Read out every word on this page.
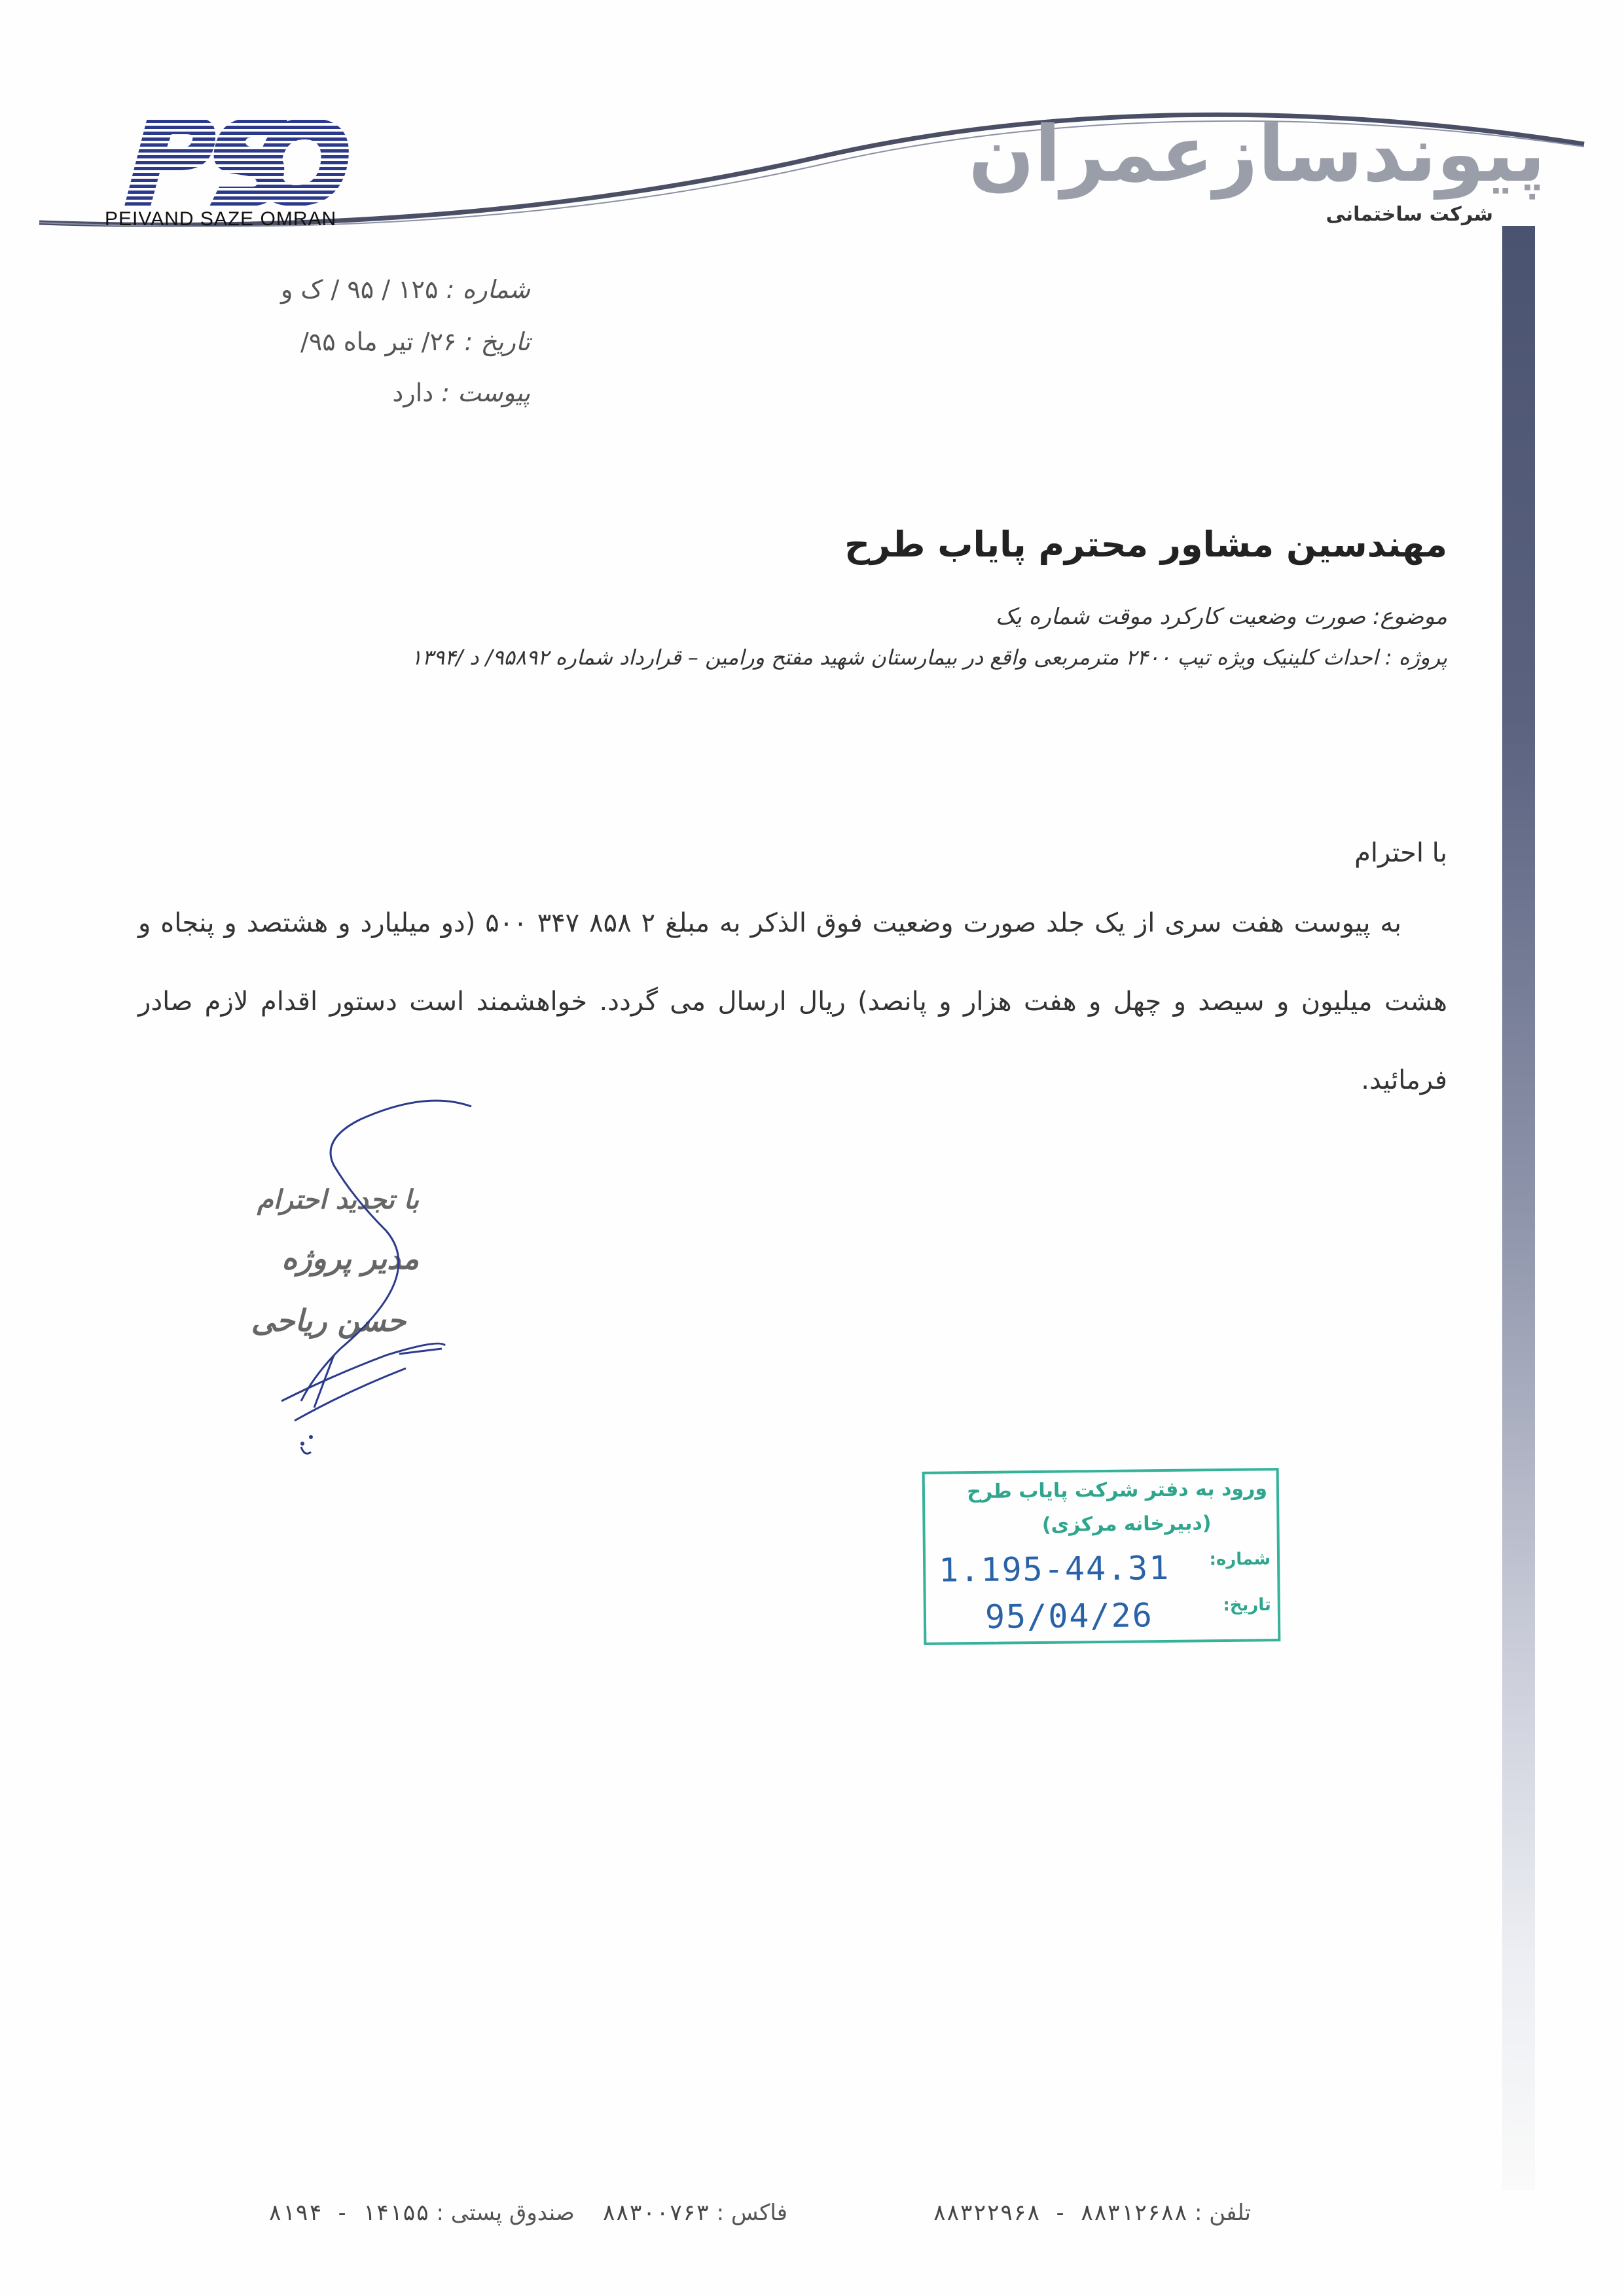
PEIVAND SAZE OMRAN
پیوندسازعمران
شرکت ساختمانی
شماره : ۱۲۵ / ۹۵ / ک و
تاریخ : ۲۶/ تیر ماه ۹۵/
پیوست : دارد
مهندسین مشاور محترم پایاب طرح
موضوع: صورت وضعیت کارکرد موقت شماره یک
پروژه : احداث کلینیک ویژه تیپ ۲۴۰۰ مترمربعی واقع در بیمارستان شهید مفتح ورامین – قرارداد شماره ۹۵۸۹۲/ د /۱۳۹۴
با احترام

به پیوست هفت سری از یک جلد صورت وضعیت فوق الذکر به مبلغ ۲ ۸۵۸ ۳۴۷ ۵۰۰ (دو میلیارد و هشتصد و پنجاه و هشت میلیون و سیصد و چهل و هفت هزار و پانصد) ریال ارسال می گردد. خواهشمند است دستور اقدام لازم صادر فرمائید.

با تجدید احترام
مدیر پروژه
حسن ریاحی
ورود به دفتر شرکت پایاب طرح
(دبیرخانه مرکزی)
شماره:
تاریخ:
1.195-44.31
95/04/26
تلفن : ۸۸۳۱۲۶۸۸ - ۸۸۳۲۲۹۶۸
فاکس : ۸۸۳۰۰۷۶۳
صندوق پستی : ۱۴۱۵۵ - ۸۱۹۴
